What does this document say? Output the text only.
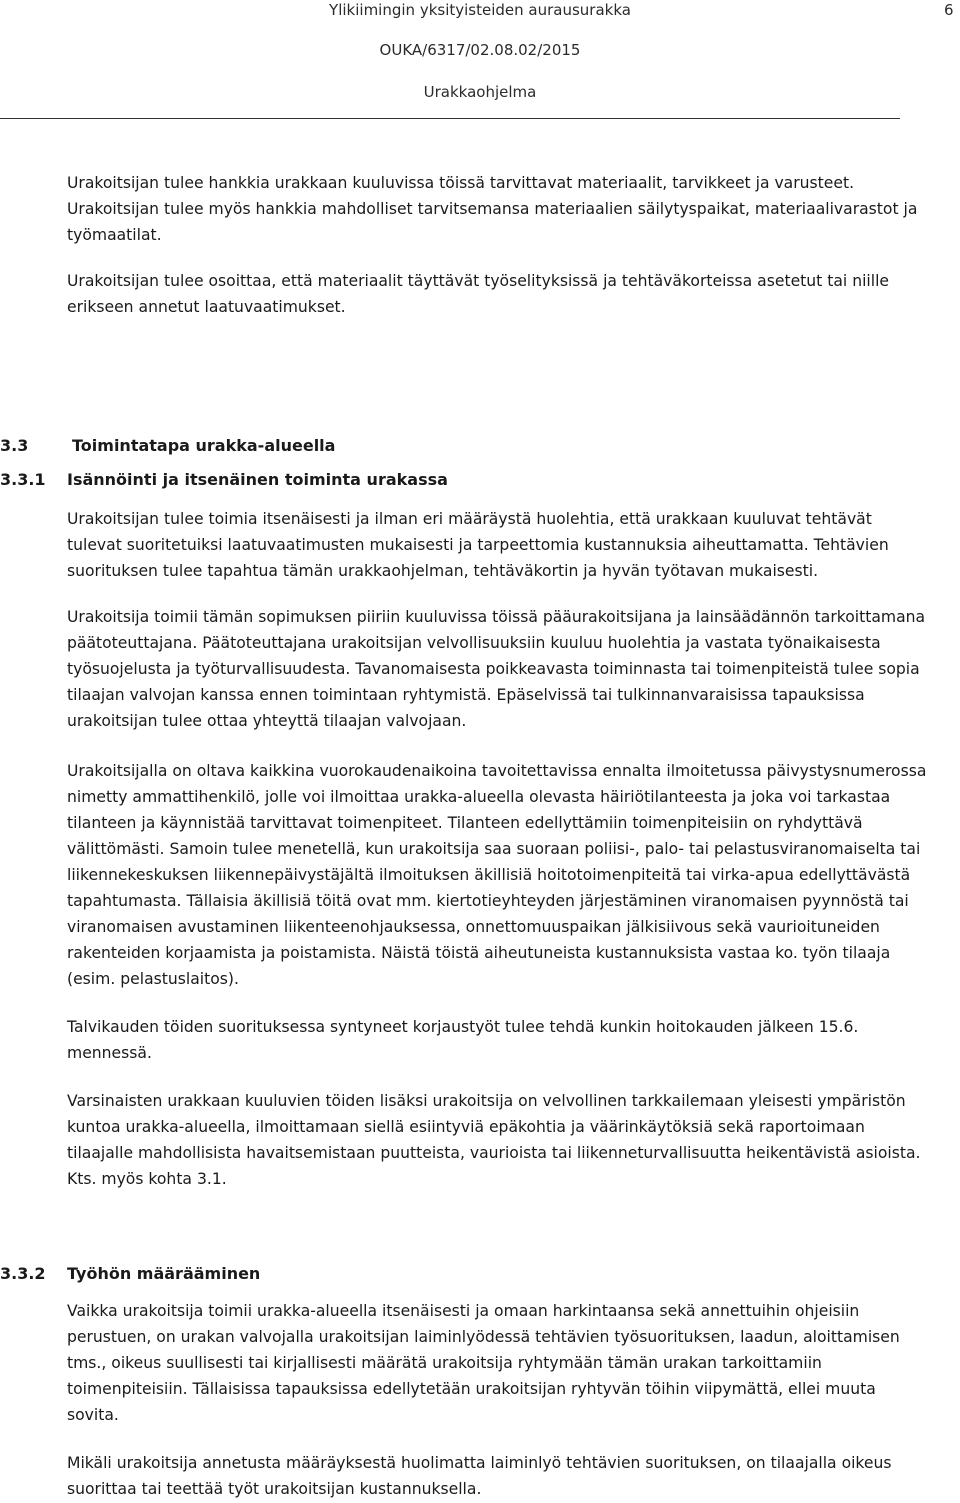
Ylikiimingin yksityisteiden aurausurakka	6
OUKA/6317/02.08.02/2015
Urakkaohjelma

Urakoitsijan tulee hankkia urakkaan kuuluvissa töissä tarvittavat materiaalit, tarvikkeet ja varusteet. Urakoitsijan tulee myös hankkia mahdolliset tarvitsemansa materiaalien säilytyspaikat, materiaalivarastot ja työmaatilat.

Urakoitsijan tulee osoittaa, että materiaalit täyttävät työselityksissä ja tehtäväkorteissa asetetut tai niille erikseen annetut laatuvaatimukset.

3.3	Toimintatapa urakka-alueella
3.3.1 Isännöinti ja itsenäinen toiminta urakassa

Urakoitsijan tulee toimia itsenäisesti ja ilman eri määräystä huolehtia, että urakkaan kuuluvat tehtävät tulevat suoritetuiksi laatuvaatimusten mukaisesti ja tarpeettomia kustannuksia aiheuttamatta. Tehtävien suorituksen tulee tapahtua tämän urakkaohjelman, tehtäväkortin ja hyvän työtavan mukaisesti.

Urakoitsija toimii tämän sopimuksen piiriin kuuluvissa töissä pääurakoitsijana ja lainsäädännön tarkoittamana päätoteuttajana. Päätoteuttajana urakoitsijan velvollisuuksiin kuuluu huolehtia ja vastata työnaikaisesta työsuojelusta ja työturvallisuudesta. Tavanomaisesta poikkeavasta toiminnasta tai toimenpiteistä tulee sopia tilaajan valvojan kanssa ennen toimintaan ryhtymistä. Epäselvissä tai tulkinnanvaraisissa tapauksissa urakoitsijan tulee ottaa yhteyttä tilaajan valvojaan.

Urakoitsijalla on oltava kaikkina vuorokaudenaikoina tavoitettavissa ennalta ilmoitetussa päivystysnumerossa nimetty ammattihenkilö, jolle voi ilmoittaa urakka-alueella olevasta häiriötilanteesta ja joka voi tarkastaa tilanteen ja käynnistää tarvittavat toimenpiteet. Tilanteen edellyttämiin toimenpiteisiin on ryhdyttävä välittömästi. Samoin tulee menetellä, kun urakoitsija saa suoraan poliisi-, palo- tai pelastusviranomaiselta tai liikennekeskuksen liikennepäivystäjältä ilmoituksen äkillisiä hoitotoimenpiteitä tai virka-apua edellyttävästä tapahtumasta. Tällaisia äkillisiä töitä ovat mm. kiertotieyhteyden järjestäminen viranomaisen pyynnöstä tai viranomaisen avustaminen liikenteenohjauksessa, onnettomuuspaikan jälkisiivous sekä vaurioituneiden rakenteiden korjaamista ja poistamista. Näistä töistä aiheutuneista kustannuksista vastaa ko. työn tilaaja (esim. pelastuslaitos).

Talvikauden töiden suorituksessa syntyneet korjaustyöt tulee tehdä kunkin hoitokauden jälkeen 15.6. mennessä.

Varsinaisten urakkaan kuuluvien töiden lisäksi urakoitsija on velvollinen tarkkailemaan yleisesti ympäristön kuntoa urakka-alueella, ilmoittamaan siellä esiintyviä epäkohtia ja väärinkäytöksiä sekä raportoimaan tilaajalle mahdollisista havaitsemistaan puutteista, vaurioista tai liikenneturvallisuutta heikentävistä asioista. Kts. myös kohta 3.1.

3.3.2 Työhön määrääminen

Vaikka urakoitsija toimii urakka-alueella itsenäisesti ja omaan harkintaansa sekä annettuihin ohjeisiin perustuen, on urakan valvojalla urakoitsijan laiminlyödessä tehtävien työsuorituksen, laadun, aloittamisen tms., oikeus suullisesti tai kirjallisesti määrätä urakoitsija ryhtymään tämän urakan tarkoittamiin toimenpiteisiin. Tällaisissa tapauksissa edellytetään urakoitsijan ryhtyvän töihin viipymättä, ellei muuta sovita.

Mikäli urakoitsija annetusta määräyksestä huolimatta laiminlyö tehtävien suorituksen, on tilaajalla oikeus suorittaa tai teettää työt urakoitsijan kustannuksella.
